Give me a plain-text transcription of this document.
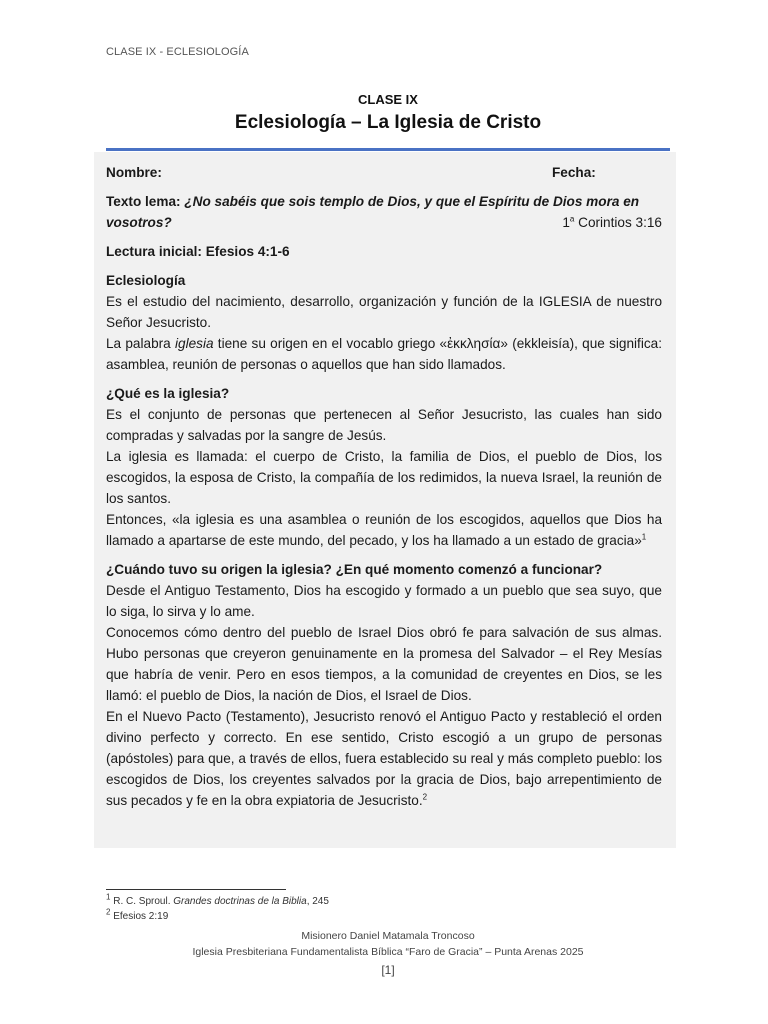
CLASE IX - ECLESIOLOGÍA
CLASE IX
Eclesiología – La Iglesia de Cristo
Nombre:	Fecha:

Texto lema: ¿No sabéis que sois templo de Dios, y que el Espíritu de Dios mora en

vosotros?	1$^a$ Corintios 3:16

Lectura inicial: Efesios 4:1-6

Eclesiología

Es el estudio del nacimiento, desarrollo, organización y función de la IGLESIA de nuestro Señor Jesucristo.

La palabra iglesia tiene su origen en el vocablo griego «ἐκκλησία» (ekkleisía), que significa: asamblea, reunión de personas o aquellos que han sido llamados.

¿Qué es la iglesia?

Es el conjunto de personas que pertenecen al Señor Jesucristo, las cuales han sido compradas y salvadas por la sangre de Jesús.

La iglesia es llamada: el cuerpo de Cristo, la familia de Dios, el pueblo de Dios, los escogidos, la esposa de Cristo, la compañía de los redimidos, la nueva Israel, la reunión de los santos.

Entonces, «la iglesia es una asamblea o reunión de los escogidos, aquellos que Dios ha llamado a apartarse de este mundo, del pecado, y los ha llamado a un estado de gracia»$^1$

¿Cuándo tuvo su origen la iglesia? ¿En qué momento comenzó a funcionar?

Desde el Antiguo Testamento, Dios ha escogido y formado a un pueblo que sea suyo, que lo siga, lo sirva y lo ame.

Conocemos cómo dentro del pueblo de Israel Dios obró fe para salvación de sus almas. Hubo personas que creyeron genuinamente en la promesa del Salvador – el Rey Mesías que habría de venir. Pero en esos tiempos, a la comunidad de creyentes en Dios, se les llamó: el pueblo de Dios, la nación de Dios, el Israel de Dios.

En el Nuevo Pacto (Testamento), Jesucristo renovó el Antiguo Pacto y restableció el orden divino perfecto y correcto. En ese sentido, Cristo escogió a un grupo de personas (apóstoles) para que, a través de ellos, fuera establecido su real y más completo pueblo: los escogidos de Dios, los creyentes salvados por la gracia de Dios, bajo arrepentimiento de sus pecados y fe en la obra expiatoria de Jesucristo.$^2$

$^1$ R. C. Sproul. Grandes doctrinas de la Biblia, 245
$^2$ Efesios 2:19
Misionero Daniel Matamala Troncoso
Iglesia Presbiteriana Fundamentalista Bíblica “Faro de Gracia” – Punta Arenas 2025
[1]
